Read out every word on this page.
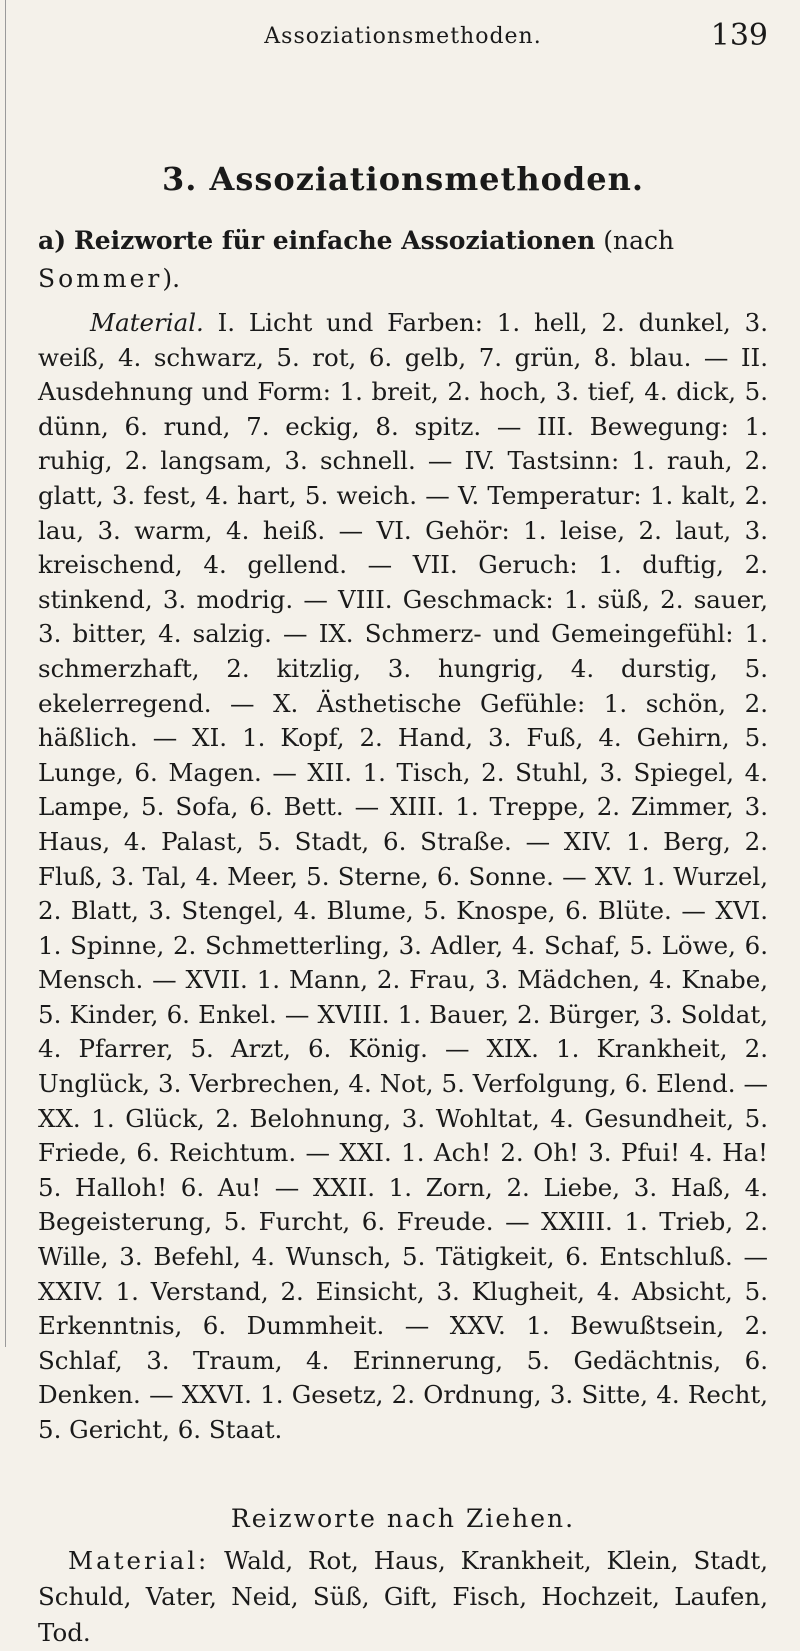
Assoziationsmethoden.	139
3. Assoziationsmethoden.
a) Reizworte für einfache Assoziationen (nach Sommer).
Material. I. Licht und Farben: 1. hell, 2. dunkel, 3. weiß, 4. schwarz, 5. rot, 6. gelb, 7. grün, 8. blau. — II. Ausdehnung und Form: 1. breit, 2. hoch, 3. tief, 4. dick, 5. dünn, 6. rund, 7. eckig, 8. spitz. — III. Bewegung: 1. ruhig, 2. langsam, 3. schnell. — IV. Tastsinn: 1. rauh, 2. glatt, 3. fest, 4. hart, 5. weich. — V. Temperatur: 1. kalt, 2. lau, 3. warm, 4. heiß. — VI. Gehör: 1. leise, 2. laut, 3. kreischend, 4. gellend. — VII. Geruch: 1. duftig, 2. stinkend, 3. modrig. — VIII. Geschmack: 1. süß, 2. sauer, 3. bitter, 4. salzig. — IX. Schmerz- und Gemeingefühl: 1. schmerzhaft, 2. kitzlig, 3. hungrig, 4. durstig, 5. ekelerregend. — X. Ästhetische Gefühle: 1. schön, 2. häßlich. — XI. 1. Kopf, 2. Hand, 3. Fuß, 4. Gehirn, 5. Lunge, 6. Magen. — XII. 1. Tisch, 2. Stuhl, 3. Spiegel, 4. Lampe, 5. Sofa, 6. Bett. — XIII. 1. Treppe, 2. Zimmer, 3. Haus, 4. Palast, 5. Stadt, 6. Straße. — XIV. 1. Berg, 2. Fluß, 3. Tal, 4. Meer, 5. Sterne, 6. Sonne. — XV. 1. Wurzel, 2. Blatt, 3. Stengel, 4. Blume, 5. Knospe, 6. Blüte. — XVI. 1. Spinne, 2. Schmetterling, 3. Adler, 4. Schaf, 5. Löwe, 6. Mensch. — XVII. 1. Mann, 2. Frau, 3. Mädchen, 4. Knabe, 5. Kinder, 6. Enkel. — XVIII. 1. Bauer, 2. Bürger, 3. Soldat, 4. Pfarrer, 5. Arzt, 6. König. — XIX. 1. Krankheit, 2. Unglück, 3. Verbrechen, 4. Not, 5. Verfolgung, 6. Elend. — XX. 1. Glück, 2. Belohnung, 3. Wohltat, 4. Gesundheit, 5. Friede, 6. Reichtum. — XXI. 1. Ach! 2. Oh! 3. Pfui! 4. Ha! 5. Halloh! 6. Au! — XXII. 1. Zorn, 2. Liebe, 3. Haß, 4. Begeisterung, 5. Furcht, 6. Freude. — XXIII. 1. Trieb, 2. Wille, 3. Befehl, 4. Wunsch, 5. Tätigkeit, 6. Entschluß. — XXIV. 1. Verstand, 2. Einsicht, 3. Klugheit, 4. Absicht, 5. Erkenntnis, 6. Dummheit. — XXV. 1. Bewußtsein, 2. Schlaf, 3. Traum, 4. Erinnerung, 5. Gedächtnis, 6. Denken. — XXVI. 1. Gesetz, 2. Ordnung, 3. Sitte, 4. Recht, 5. Gericht, 6. Staat.
Reizworte nach Ziehen.
Material: Wald, Rot, Haus, Krankheit, Klein, Stadt, Schuld, Vater, Neid, Süß, Gift, Fisch, Hochzeit, Laufen, Tod.
